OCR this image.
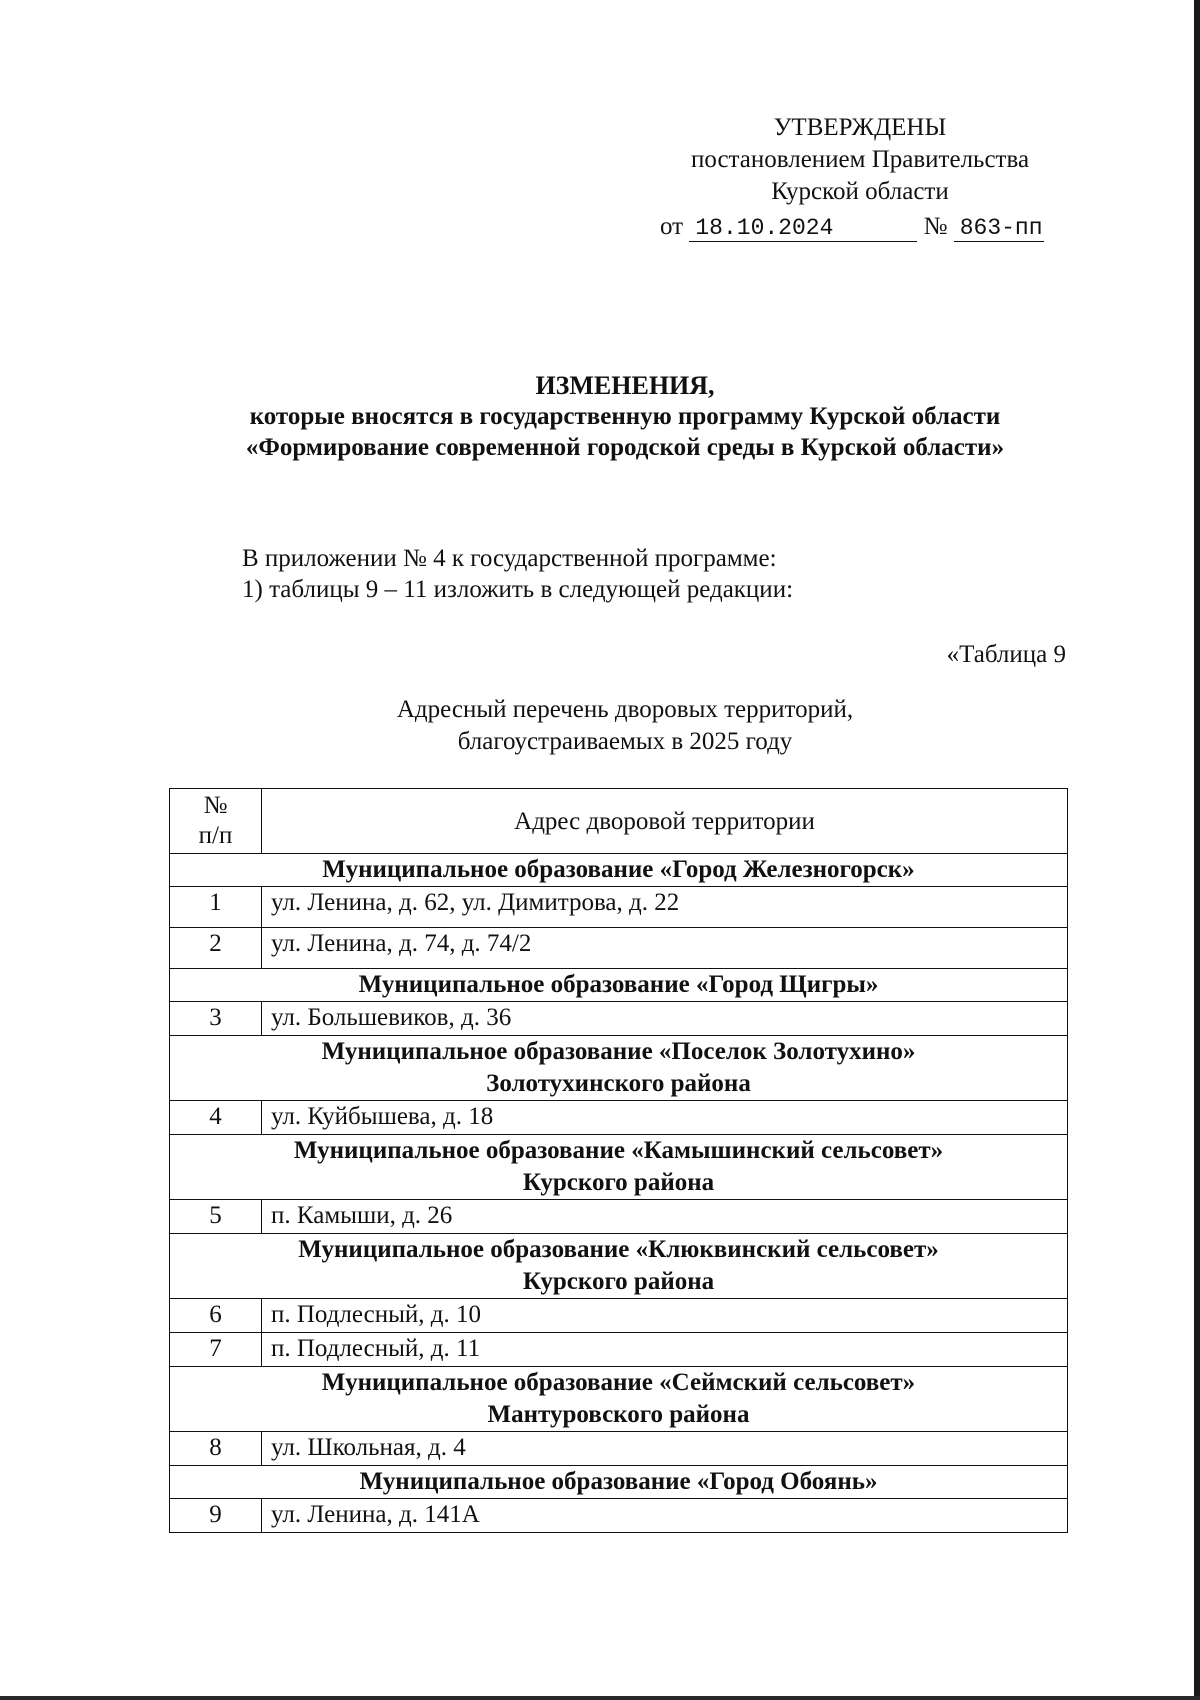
УТВЕРЖДЕНЫ
постановлением Правительства
Курской области
от 18.10.2024	№ 863-пп
ИЗМЕНЕНИЯ,
которые вносятся в государственную программу Курской области
«Формирование современной городской среды в Курской области»
В приложении № 4 к государственной программе:
1) таблицы 9 – 11 изложить в следующей редакции:
«Таблица 9
Адресный перечень дворовых территорий,
благоустраиваемых в 2025 году
№
п/п	Адрес дворовой территории

Муниципальное образование «Город Железногорск»	

1	ул. Ленина, д. 62, ул. Димитрова, д. 22
2	ул. Ленина, д. 74, д. 74/2

Муниципальное образование «Город Щигры»	

3	ул. Большевиков, д. 36

Муниципальное образование «Поселок Золотухино»
Золотухинского района	

4	ул. Куйбышева, д. 18

Муниципальное образование «Камышинский сельсовет»
Курского района	

5	п. Камыши, д. 26

Муниципальное образование «Клюквинский сельсовет»
Курского района	

6	п. Подлесный, д. 10
7	п. Подлесный, д. 11

Муниципальное образование «Сеймский сельсовет»
Мантуровского района	

8	ул. Школьная, д. 4

Муниципальное образование «Город Обоянь»	

9	ул. Ленина, д. 141А
